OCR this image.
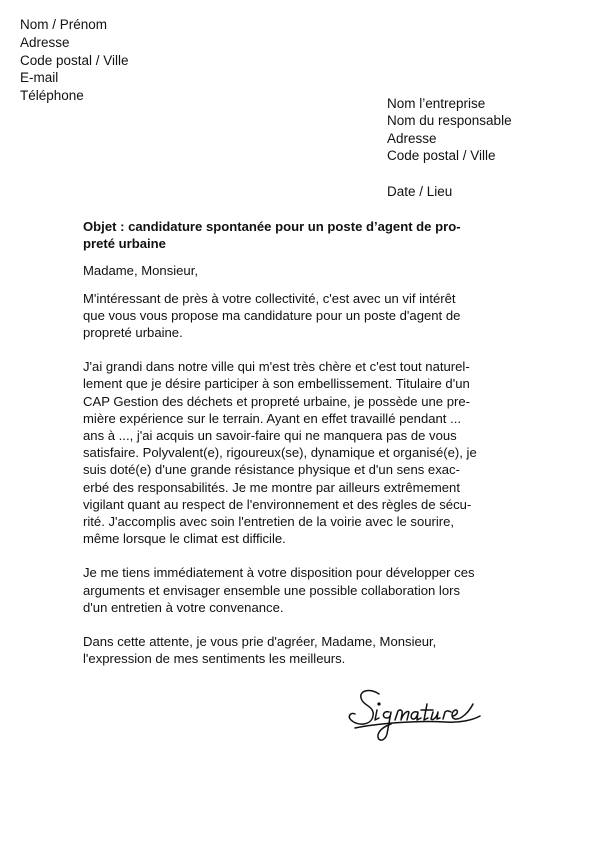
Nom / Prénom
Adresse
Code postal / Ville
E-mail
Téléphone
Nom l’entreprise
Nom du responsable
Adresse
Code postal / Ville
Date / Lieu
Objet : candidature spontanée pour un poste d’agent de pro-
preté urbaine
Madame, Monsieur,
M'intéressant de près à votre collectivité, c'est avec un vif intérêt
que vous vous propose ma candidature pour un poste d'agent de
propreté urbaine.
J'ai grandi dans notre ville qui m'est très chère et c'est tout naturel-
lement que je désire participer à son embellissement. Titulaire d'un
CAP Gestion des déchets et propreté urbaine, je possède une pre-
mière expérience sur le terrain. Ayant en effet travaillé pendant ...
ans à ..., j'ai acquis un savoir-faire qui ne manquera pas de vous
satisfaire. Polyvalent(e), rigoureux(se), dynamique et organisé(e), je
suis doté(e) d'une grande résistance physique et d'un sens exac-
erbé des responsabilités. Je me montre par ailleurs extrêmement
vigilant quant au respect de l'environnement et des règles de sécu-
rité. J'accomplis avec soin l'entretien de la voirie avec le sourire,
même lorsque le climat est difficile.
Je me tiens immédiatement à votre disposition pour développer ces
arguments et envisager ensemble une possible collaboration lors
d'un entretien à votre convenance.
Dans cette attente, je vous prie d'agréer, Madame, Monsieur,
l'expression de mes sentiments les meilleurs.
